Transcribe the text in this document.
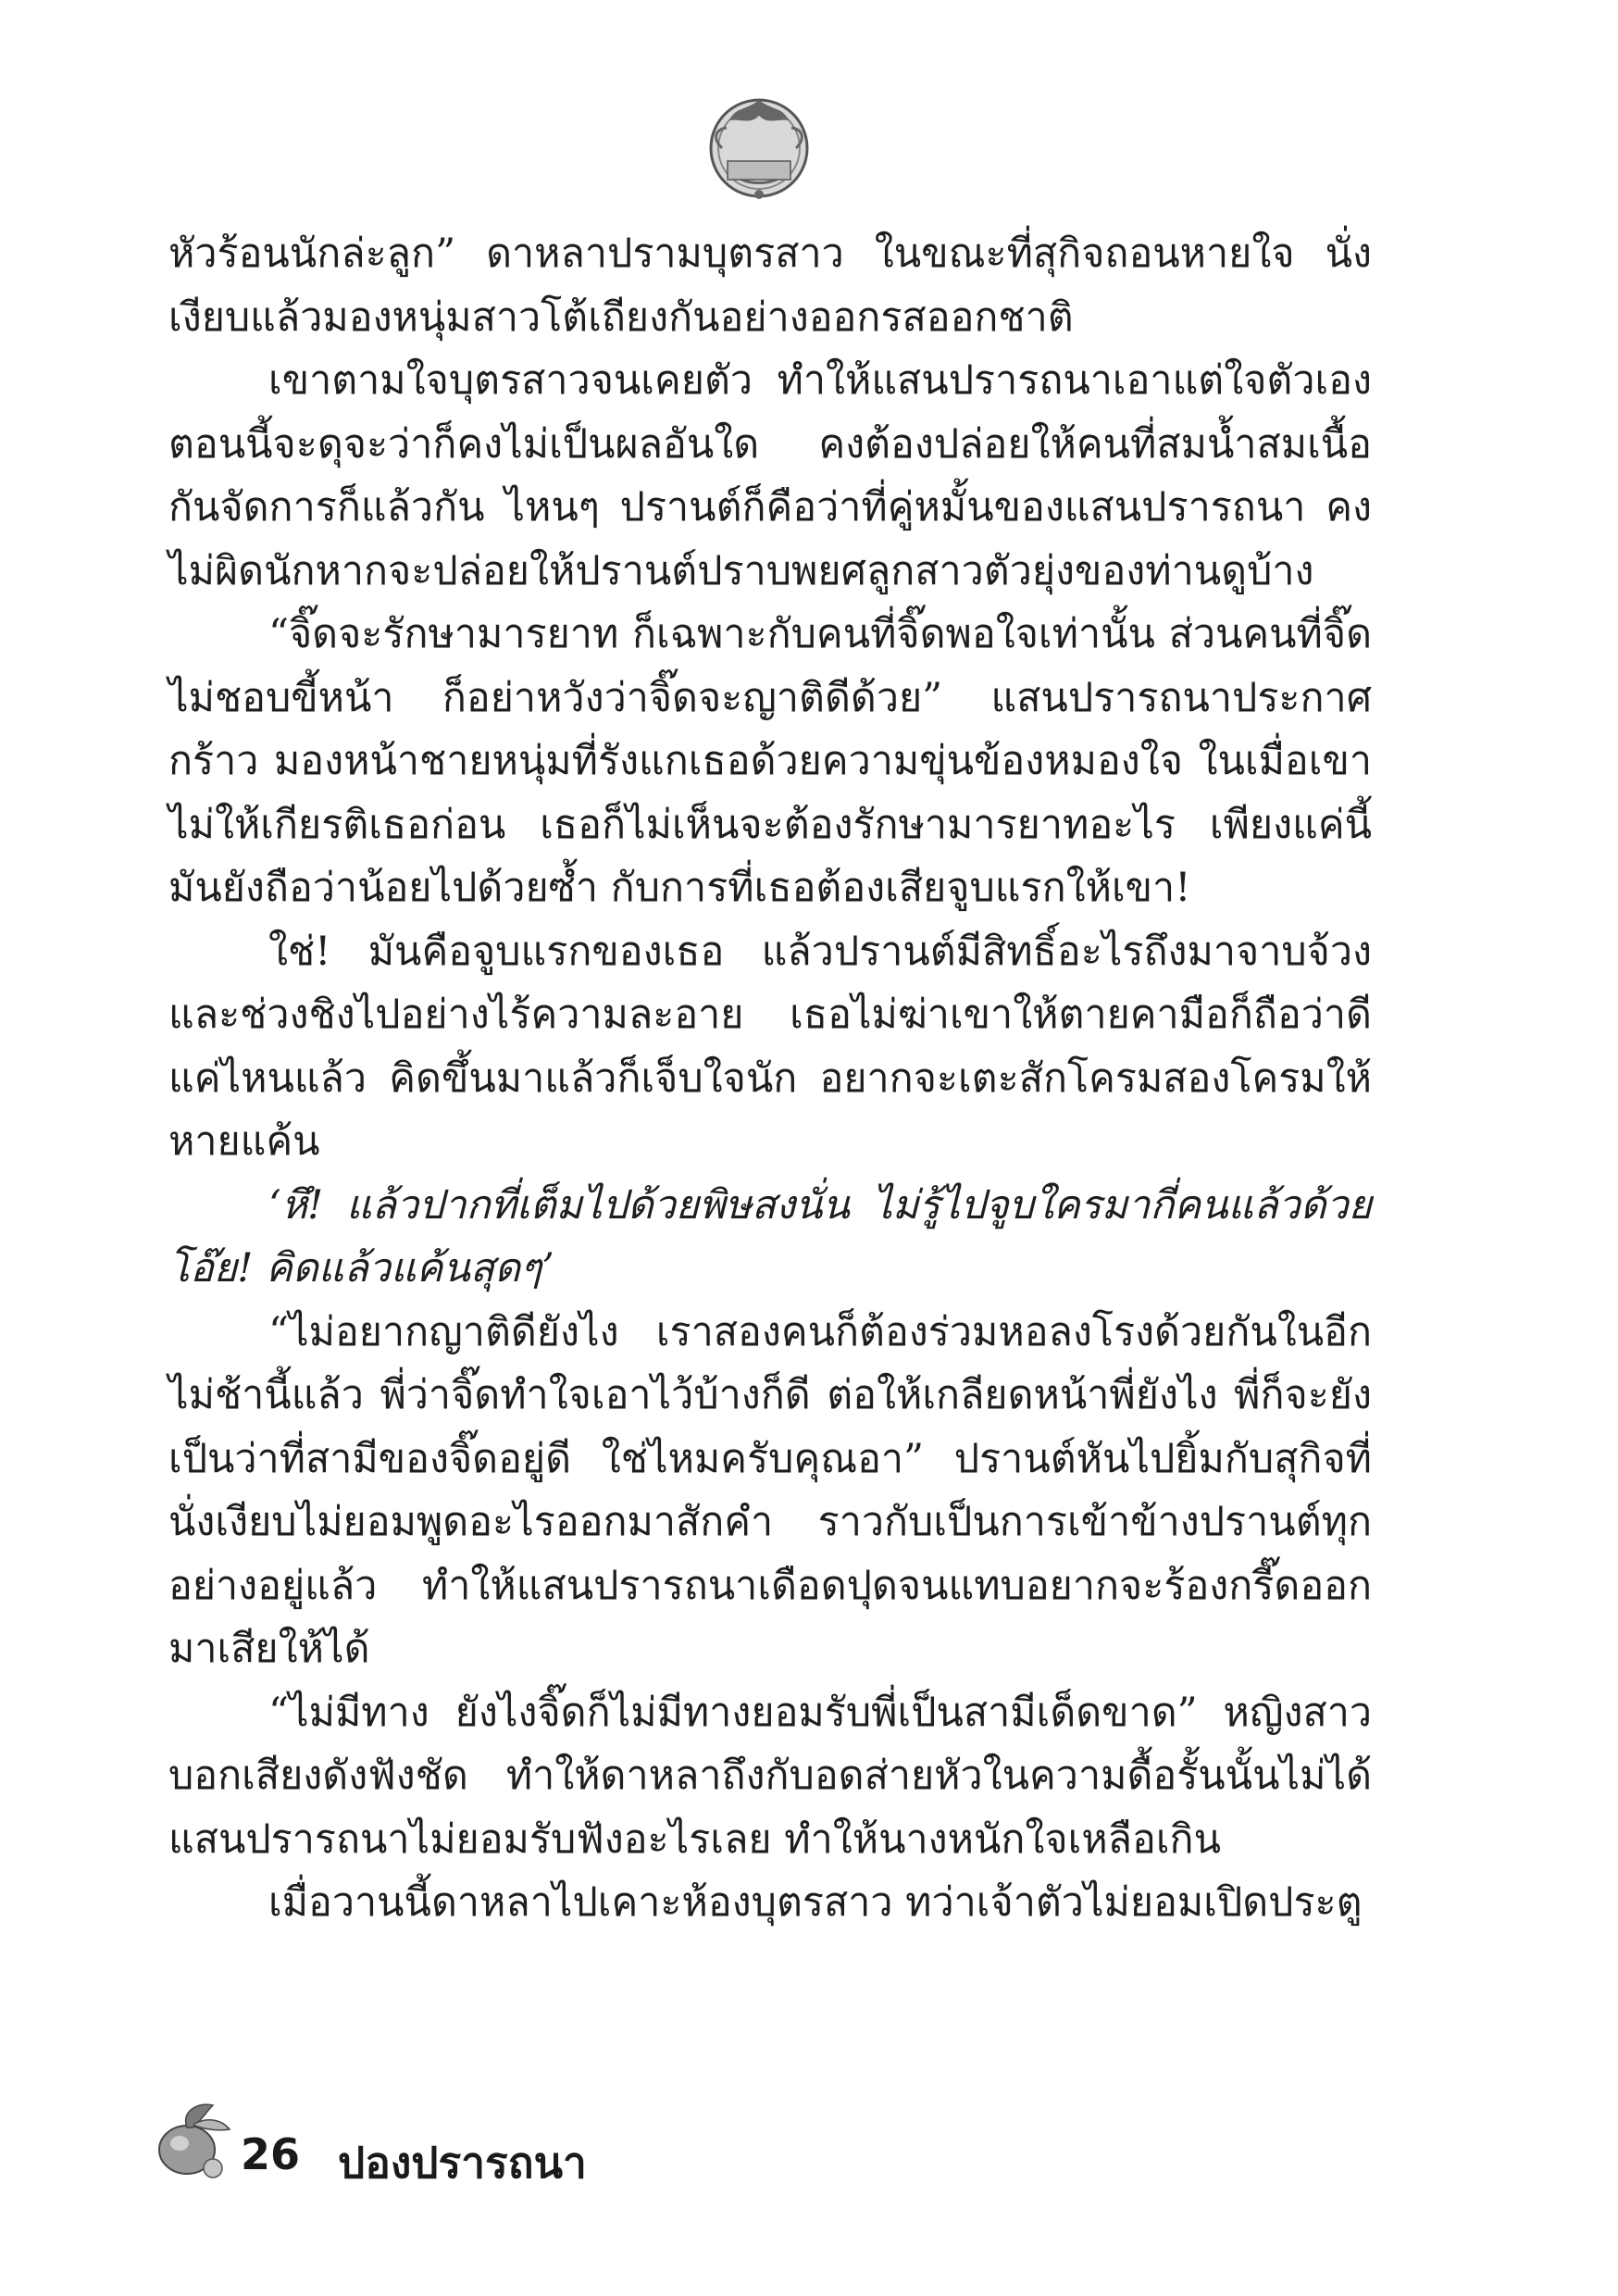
หัวร้อนนักล่ะลูก” ดาหลาปรามบุตรสาว ในขณะที่สุกิจถอนหายใจ นั่งเงียบแล้วมองหนุ่มสาวโต้เถียงกันอย่างออกรสออกชาติ

เขาตามใจบุตรสาวจนเคยตัว ทำให้แสนปรารถนาเอาแต่ใจตัวเอง ตอนนี้จะดุจะว่าก็คงไม่เป็นผลอันใด คงต้องปล่อยให้คนที่สมน้ำสมเนื้อกันจัดการก็แล้วกัน ไหนๆ ปรานต์ก็คือว่าที่คู่หมั้นของแสนปรารถนา คงไม่ผิดนักหากจะปล่อยให้ปรานต์ปราบพยศลูกสาวตัวยุ่งของท่านดูบ้าง

“จิ๊ดจะรักษามารยาท ก็เฉพาะกับคนที่จิ๊ดพอใจเท่านั้น ส่วนคนที่จิ๊ดไม่ชอบขี้หน้า ก็อย่าหวังว่าจิ๊ดจะญาติดีด้วย” แสนปรารถนาประกาศกร้าว มองหน้าชายหนุ่มที่รังแกเธอด้วยความขุ่นข้องหมองใจ ในเมื่อเขาไม่ให้เกียรติเธอก่อน เธอก็ไม่เห็นจะต้องรักษามารยาทอะไร เพียงแค่นี้มันยังถือว่าน้อยไปด้วยซ้ำ กับการที่เธอต้องเสียจูบแรกให้เขา!

ใช่! มันคือจูบแรกของเธอ แล้วปรานต์มีสิทธิ์อะไรถึงมาจาบจ้วงและช่วงชิงไปอย่างไร้ความละอาย เธอไม่ฆ่าเขาให้ตายคามือก็ถือว่าดีแค่ไหนแล้ว คิดขึ้นมาแล้วก็เจ็บใจนัก อยากจะเตะสักโครมสองโครมให้หายแค้น

‘หึ! แล้วปากที่เต็มไปด้วยพิษสงนั่น ไม่รู้ไปจูบใครมากี่คนแล้วด้วย โอ๊ย! คิดแล้วแค้นสุดๆ’

“ไม่อยากญาติดียังไง เราสองคนก็ต้องร่วมหอลงโรงด้วยกันในอีกไม่ช้านี้แล้ว พี่ว่าจิ๊ดทำใจเอาไว้บ้างก็ดี ต่อให้เกลียดหน้าพี่ยังไง พี่ก็จะยังเป็นว่าที่สามีของจิ๊ดอยู่ดี ใช่ไหมครับคุณอา” ปรานต์หันไปยิ้มกับสุกิจที่นั่งเงียบไม่ยอมพูดอะไรออกมาสักคำ ราวกับเป็นการเข้าข้างปรานต์ทุกอย่างอยู่แล้ว ทำให้แสนปรารถนาเดือดปุดจนแทบอยากจะร้องกรี๊ดออกมาเสียให้ได้

“ไม่มีทาง ยังไงจิ๊ดก็ไม่มีทางยอมรับพี่เป็นสามีเด็ดขาด” หญิงสาวบอกเสียงดังฟังชัด ทำให้ดาหลาถึงกับอดส่ายหัวในความดื้อรั้นนั้นไม่ได้ แสนปรารถนาไม่ยอมรับฟังอะไรเลย ทำให้นางหนักใจเหลือเกิน

เมื่อวานนี้ดาหลาไปเคาะห้องบุตรสาว ทว่าเจ้าตัวไม่ยอมเปิดประตู

26 ปองปรารถนา
